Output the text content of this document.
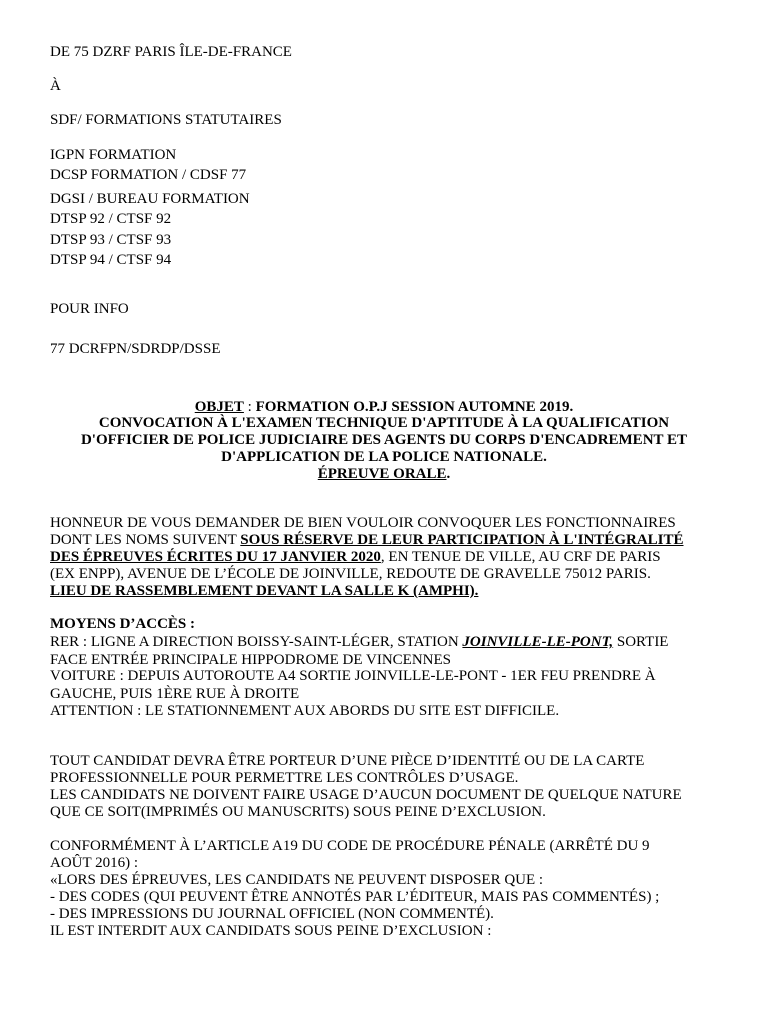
DE 75 DZRF PARIS ÎLE-DE-FRANCE
À
SDF/ FORMATIONS STATUTAIRES
IGPN FORMATION
DCSP FORMATION / CDSF 77
DGSI / BUREAU FORMATION
DTSP 92 / CTSF 92
DTSP 93 / CTSF 93
DTSP 94 / CTSF 94
POUR INFO
77 DCRFPN/SDRDP/DSSE
OBJET : FORMATION O.P.J SESSION AUTOMNE 2019.
CONVOCATION À L'EXAMEN TECHNIQUE D'APTITUDE À LA QUALIFICATION
D'OFFICIER DE POLICE JUDICIAIRE DES AGENTS DU CORPS D'ENCADREMENT ET
D'APPLICATION DE LA POLICE NATIONALE.
ÉPREUVE ORALE.
HONNEUR DE VOUS DEMANDER DE BIEN VOULOIR CONVOQUER LES FONCTIONNAIRES
DONT LES NOMS SUIVENT SOUS RÉSERVE DE LEUR PARTICIPATION À L'INTÉGRALITÉ
DES ÉPREUVES ÉCRITES DU 17 JANVIER 2020, EN TENUE DE VILLE, AU CRF DE PARIS
(EX ENPP), AVENUE DE L’ÉCOLE DE JOINVILLE, REDOUTE DE GRAVELLE 75012 PARIS.
LIEU DE RASSEMBLEMENT DEVANT LA SALLE K (AMPHI).
MOYENS D’ACCÈS :
RER : LIGNE A DIRECTION BOISSY-SAINT-LÉGER, STATION JOINVILLE-LE-PONT, SORTIE
FACE ENTRÉE PRINCIPALE HIPPODROME DE VINCENNES
VOITURE : DEPUIS AUTOROUTE A4 SORTIE JOINVILLE-LE-PONT - 1ER FEU PRENDRE À
GAUCHE, PUIS 1ÈRE RUE À DROITE
ATTENTION : LE STATIONNEMENT AUX ABORDS DU SITE EST DIFFICILE.
TOUT CANDIDAT DEVRA ÊTRE PORTEUR D’UNE PIÈCE D’IDENTITÉ OU DE LA CARTE
PROFESSIONNELLE POUR PERMETTRE LES CONTRÔLES D’USAGE.
LES CANDIDATS NE DOIVENT FAIRE USAGE D’AUCUN DOCUMENT DE QUELQUE NATURE
QUE CE SOIT(IMPRIMÉS OU MANUSCRITS) SOUS PEINE D’EXCLUSION.
CONFORMÉMENT À L’ARTICLE A19 DU CODE DE PROCÉDURE PÉNALE (ARRÊTÉ DU 9
AOÛT 2016) :
«LORS DES ÉPREUVES, LES CANDIDATS NE PEUVENT DISPOSER QUE :
- DES CODES (QUI PEUVENT ÊTRE ANNOTÉS PAR L’ÉDITEUR, MAIS PAS COMMENTÉS) ;
- DES IMPRESSIONS DU JOURNAL OFFICIEL (NON COMMENTÉ).
IL EST INTERDIT AUX CANDIDATS SOUS PEINE D’EXCLUSION :
